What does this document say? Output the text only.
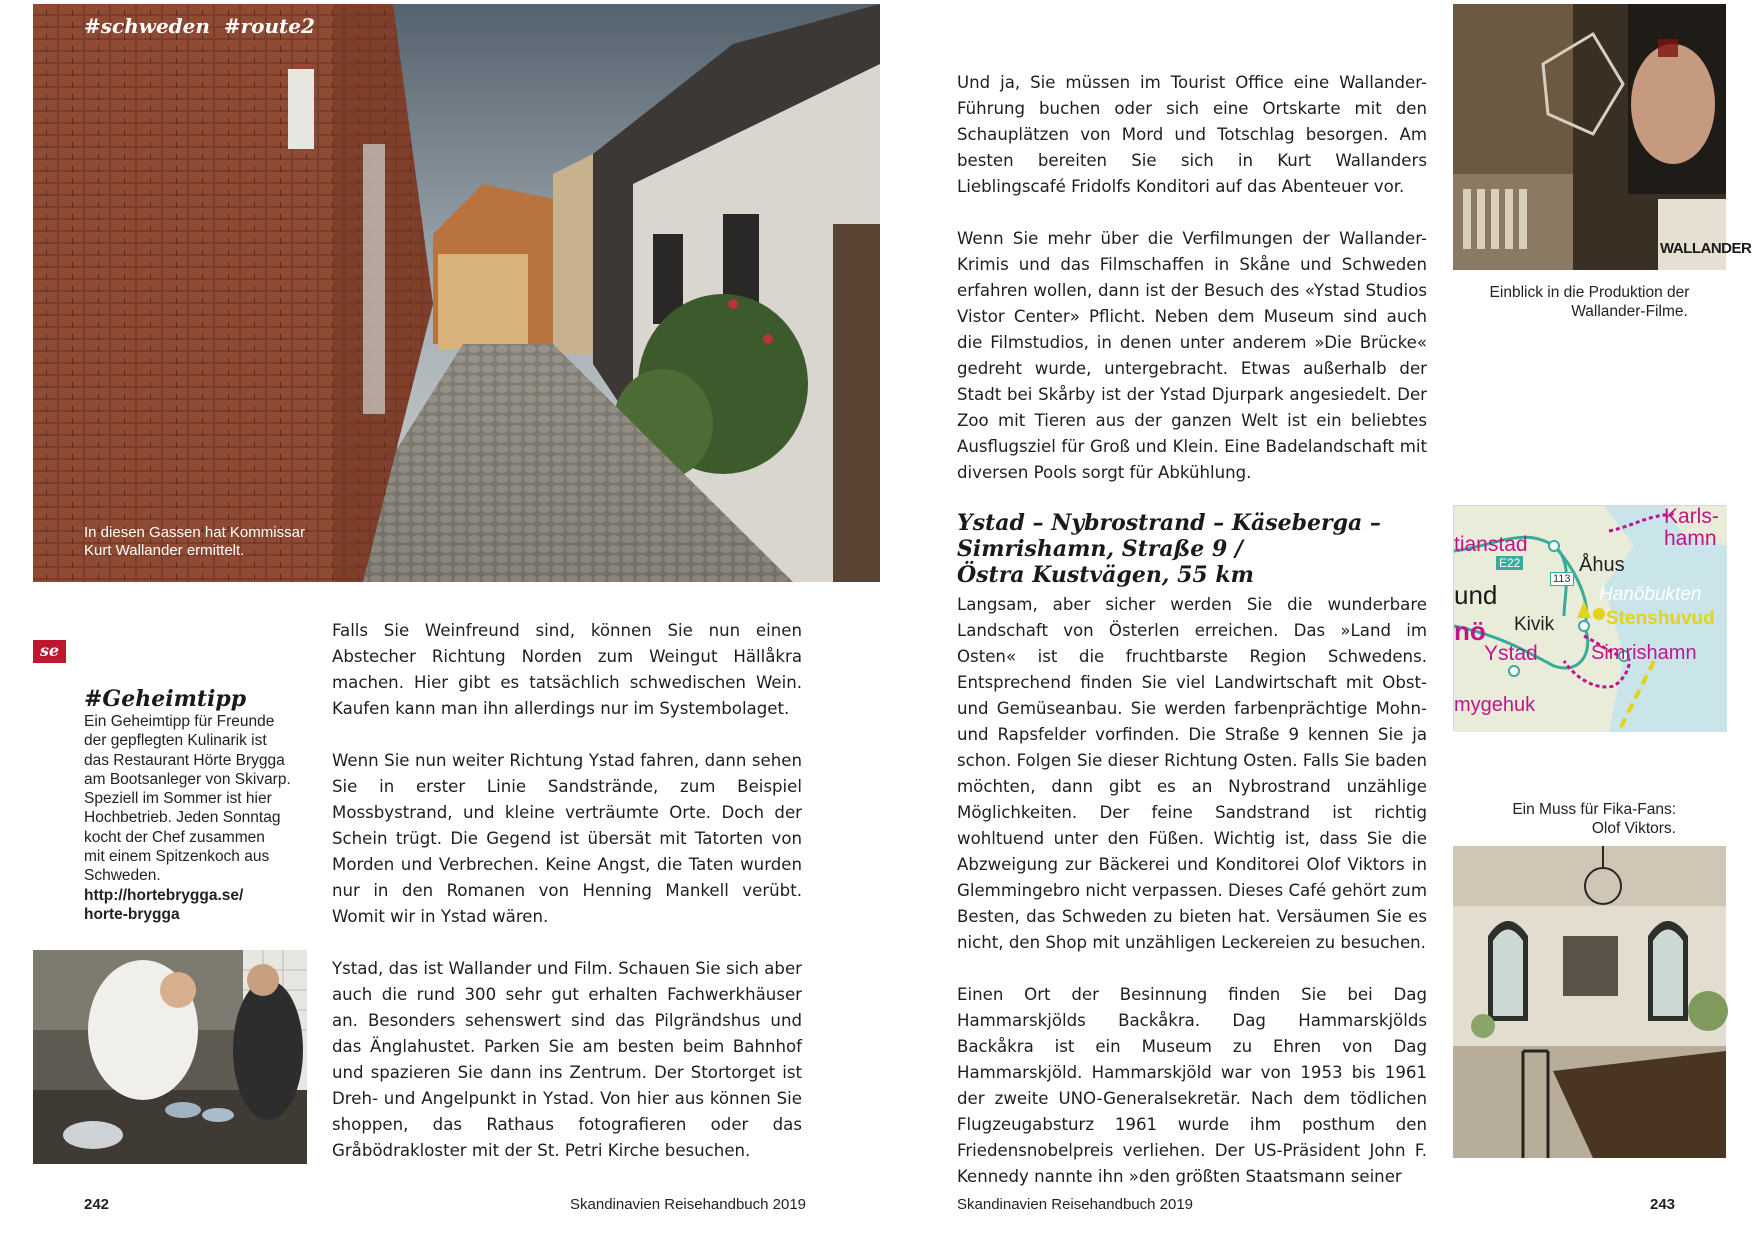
#schweden  #route2
In diesen Gassen hat Kommissar
Kurt Wallander ermittelt.
se
#Geheimtipp
Ein Geheimtipp für Freunde
der gepflegten Kulinarik ist
das Restaurant Hörte Brygga
am Bootsanleger von Skivarp.
Speziell im Sommer ist hier
Hochbetrieb. Jeden Sonntag
kocht der Chef zusammen
mit einem Spitzenkoch aus
Schweden.
http://hortebrygga.se/
horte-brygga

Falls Sie Weinfreund sind, können Sie nun einen Abstecher Richtung Norden zum Weingut Hällåkra machen. Hier gibt es tatsächlich schwedischen Wein. Kaufen kann man ihn allerdings nur im Systembolaget.

Wenn Sie nun weiter Richtung Ystad fahren, dann sehen Sie in erster Linie Sandstrände, zum Beispiel Mossbystrand, und kleine verträumte Orte. Doch der Schein trügt. Die Gegend ist übersät mit Tatorten von Morden und Verbrechen. Keine Angst, die Taten wurden nur in den Romanen von Henning Mankell verübt. Womit wir in Ystad wären.

Ystad, das ist Wallander und Film. Schauen Sie sich aber auch die rund 300 sehr gut erhalten Fachwerkhäuser an. Besonders sehenswert sind das Pilgrändshus und das Änglahustet. Parken Sie am besten beim Bahnhof und spazieren Sie dann ins Zentrum. Der Stortorget ist Dreh- und Angelpunkt in Ystad. Von hier aus können Sie shoppen, das Rathaus fotografieren oder das Gråbödrakloster mit der St. Petri Kirche besuchen.

242	Skandinavien Reisehandbuch 2019

Und ja, Sie müssen im Tourist Office eine Wallander-Führung buchen oder sich eine Ortskarte mit den Schauplätzen von Mord und Totschlag besorgen. Am besten bereiten Sie sich in Kurt Wallanders Lieblingscafé Fridolfs Konditori auf das Abenteuer vor.

Wenn Sie mehr über die Verfilmungen der Wallander-Krimis und das Filmschaffen in Skåne und Schweden erfahren wollen, dann ist der Besuch des «Ystad Studios Vistor Center» Pflicht. Neben dem Museum sind auch die Filmstudios, in denen unter anderem »Die Brücke« gedreht wurde, untergebracht. Etwas außerhalb der Stadt bei Skårby ist der Ystad Djurpark angesiedelt. Der Zoo mit Tieren aus der ganzen Welt ist ein beliebtes Ausflugsziel für Groß und Klein. Eine Badelandschaft mit diversen Pools sorgt für Abkühlung.

Ystad – Nybrostrand – Käseberga –
Simrishamn, Straße 9 /
Östra Kustvägen, 55 km

Langsam, aber sicher werden Sie die wunderbare Landschaft von Österlen erreichen. Das »Land im Osten« ist die fruchtbarste Region Schwedens. Entsprechend finden Sie viel Landwirtschaft mit Obst- und Gemüseanbau. Sie werden farbenprächtige Mohn- und Rapsfelder vorfinden. Die Straße 9 kennen Sie ja schon. Folgen Sie dieser Richtung Osten. Falls Sie baden möchten, dann gibt es an Nybrostrand unzählige Möglichkeiten. Der feine Sandstrand ist richtig wohltuend unter den Füßen. Wichtig ist, dass Sie die Abzweigung zur Bäckerei und Konditorei Olof Viktors in Glemmingebro nicht verpassen. Dieses Café gehört zum Besten, das Schweden zu bieten hat. Versäumen Sie es nicht, den Shop mit unzähligen Leckereien zu besuchen.

Einen Ort der Besinnung finden Sie bei Dag Hammarskjölds Backåkra. Dag Hammarskjölds Backåkra ist ein Museum zu Ehren von Dag Hammarskjöld. Hammarskjöld war von 1953 bis 1961 der zweite UNO-Generalsekretär. Nach dem tödlichen Flugzeugabsturz 1961 wurde ihm posthum den Friedensnobelpreis verliehen. Der US-Präsident John F. Kennedy nannte ihn »den größten Staatsmann seiner

WALLANDER
Einblick in die Produktion der
Wallander-Filme.
Karls-
hamn
tianstad
E22
113
Åhus
Hanöbukten
und
Kivik	Stenshuvud
nö
Ystad	Simrishamn
mygehuk
Ein Muss für Fika-Fans:
Olof Viktors.
Skandinavien Reisehandbuch 2019	243
